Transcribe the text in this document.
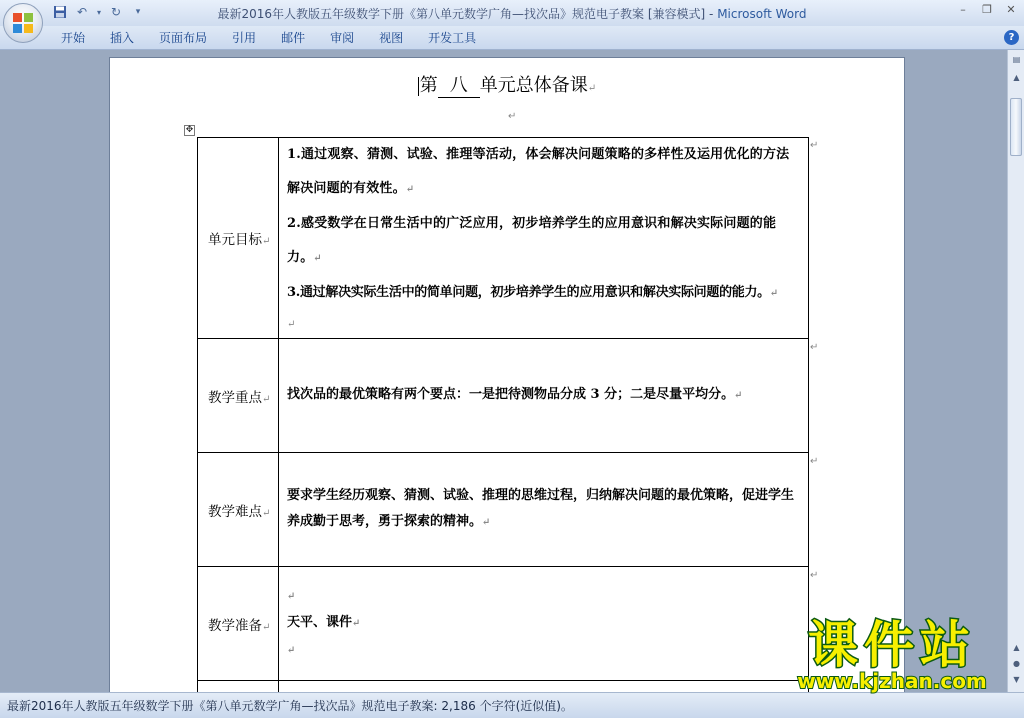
↶	▾ ↻	▾	最新2016年人教版五年级数学下册《第八单元数学广角—找次品》规范电子教案 [兼容模式] - Microsoft Word	–	❐ ✕
开始	插入	页面布局	引用	邮件	审阅	视图	开发工具	?
第 八 单元总体备课↵
↵
✥
单元目标↵	1.通过观察、猜测、试验、推理等活动，体会解决问题策略的多样性及运用优化的方法解决问题的有效性。↵
2.感受数学在日常生活中的广泛应用，初步培养学生的应用意识和解决实际问题的能力。↵
3.通过解决实际生活中的简单问题，初步培养学生的应用意识和解决实际问题的能力。↵
↵

教学重点↵	找次品的最优策略有两个要点：一是把待测物品分成 3 分；二是尽量平均分。↵

教学难点↵	要求学生经历观察、猜测、试验、推理的思维过程，归纳解决问题的最优策略，促进学生养成勤于思考，勇于探索的精神。↵

教学准备↵	↵
天平、课件↵
↵

↵
↵
↵
↵
▤
▲
▲
●
▼
最新2016年人教版五年级数学下册《第八单元数学广角—找次品》规范电子教案: 2,186 个字符(近似值)。
课件站
www.kjzhan.com
